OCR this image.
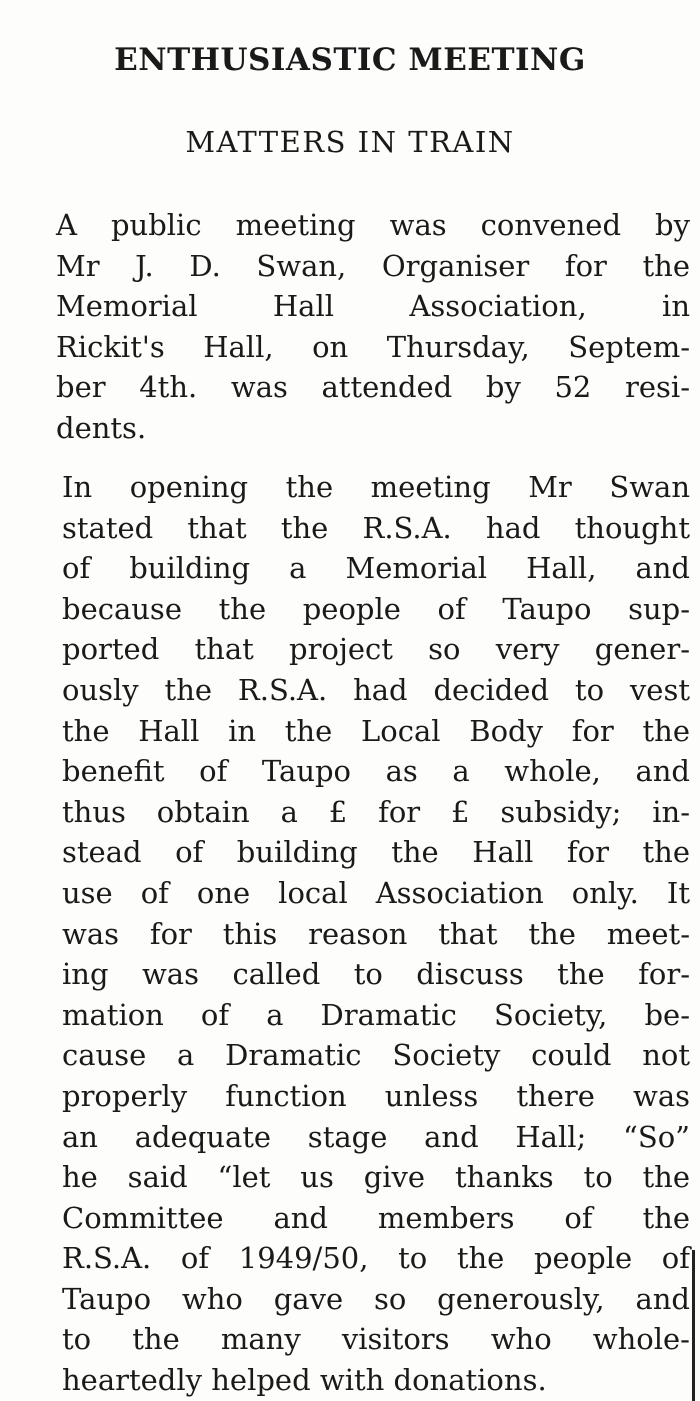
ENTHUSIASTIC MEETING
MATTERS IN TRAIN

A public meeting was convened by
Mr J. D. Swan, Organiser for the
Memorial Hall Association, in
Rickit's Hall, on Thursday, Septem-
ber 4th. was attended by 52 resi-
dents.

In opening the meeting Mr Swan
stated that the R.S.A. had thought
of building a Memorial Hall, and
because the people of Taupo sup-
ported that project so very gener-
ously the R.S.A. had decided to vest
the Hall in the Local Body for the
benefit of Taupo as a whole, and
thus obtain a £ for £ subsidy; in-
stead of building the Hall for the
use of one local Association only. It
was for this reason that the meet-
ing was called to discuss the for-
mation of a Dramatic Society, be-
cause a Dramatic Society could not
properly function unless there was
an adequate stage and Hall; “So”
he said “let us give thanks to the
Committee and members of the
R.S.A. of 1949/50, to the people of
Taupo who gave so generously, and
to the many visitors who whole-
heartedly helped with donations.
